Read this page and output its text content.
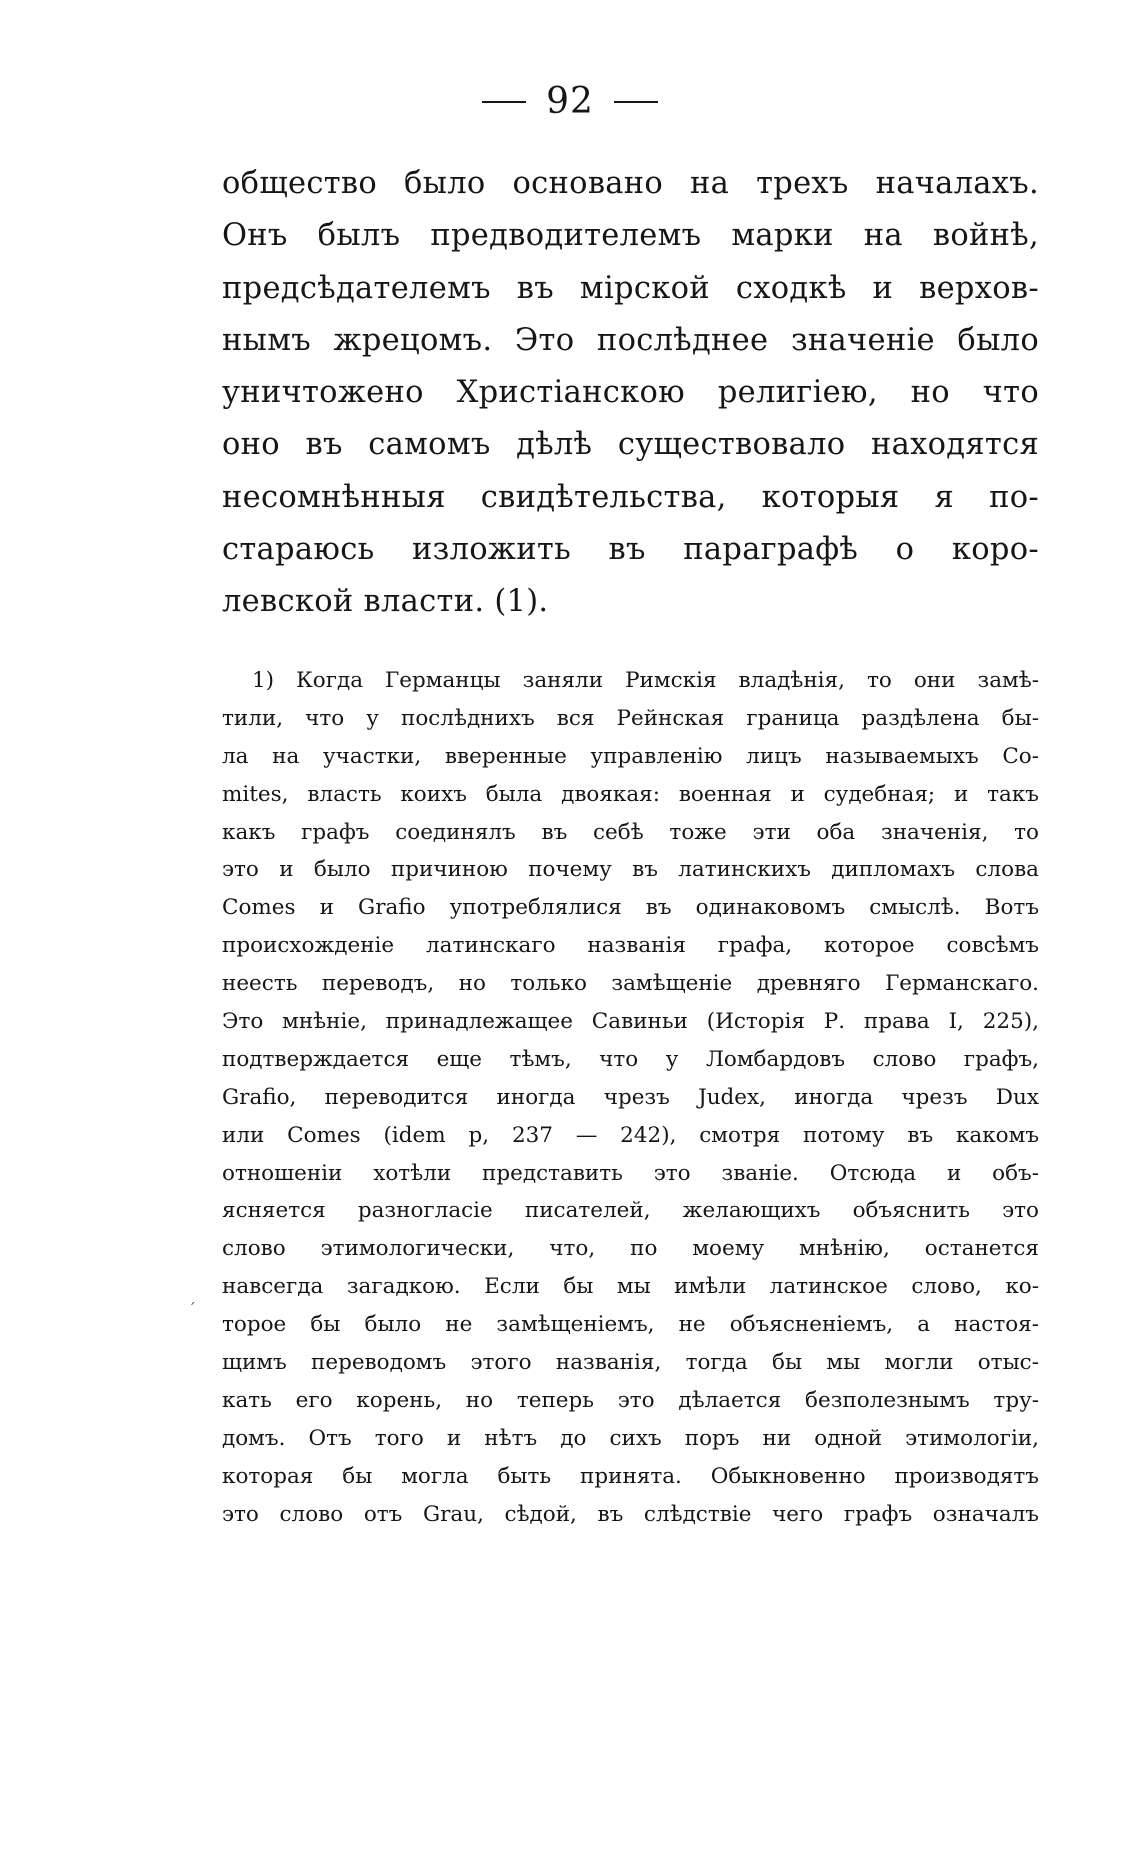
92
общество было основано на трехъ началахъ.
Онъ былъ предводителемъ марки на войнѣ,
предсѣдателемъ въ мірской сходкѣ и верхов-
нымъ жрецомъ. Это послѣднее значеніе было
уничтожено Христіанскою религіею, но что
оно въ самомъ дѣлѣ существовало находятся
несомнѣнныя свидѣтельства, которыя я по-
стараюсь изложить въ параграфѣ о коро-
левской власти. (1).
1) Когда Германцы заняли Римскія владѣнія, то они замѣ-
тили, что у послѣднихъ вся Рейнская граница раздѣлена бы-
ла на участки, вверенные управленію лицъ называемыхъ Со-
mites, власть коихъ была двоякая: военная и судебная; и такъ
какъ графъ соединялъ въ себѣ тоже эти оба значенія, то
это и было причиною почему въ латинскихъ дипломахъ слова
Comes и Grafio употреблялися въ одинаковомъ смыслѣ. Вотъ
происхожденіе латинскаго названія графа, которое совсѣмъ
неесть переводъ, но только замѣщеніе древняго Германскаго.
Это мнѣніе, принадлежащее Савиньи (Исторія Р. права I, 225),
подтверждается еще тѣмъ, что у Ломбардовъ слово графъ,
Grafio, переводится иногда чрезъ Judex, иногда чрезъ Dux
или Comes (idem p, 237 — 242), смотря потому въ какомъ
отношеніи хотѣли представить это званіе. Отсюда и объ-
ясняется разногласіе писателей, желающихъ объяснить это
слово этимологически, что, по моему мнѣнію, останется
навсегда загадкою. Если бы мы имѣли латинское слово, ко-
торое бы было не замѣщеніемъ, не объясненіемъ, а настоя-
щимъ переводомъ этого названія, тогда бы мы могли отыс-
кать его корень, но теперь это дѣлается безполезнымъ тру-
домъ. Отъ того и нѣтъ до сихъ поръ ни одной этимологіи,
которая бы могла быть принята. Обыкновенно производятъ
это слово отъ Grau, сѣдой, въ слѣдствіе чего графъ означалъ
ˊ
